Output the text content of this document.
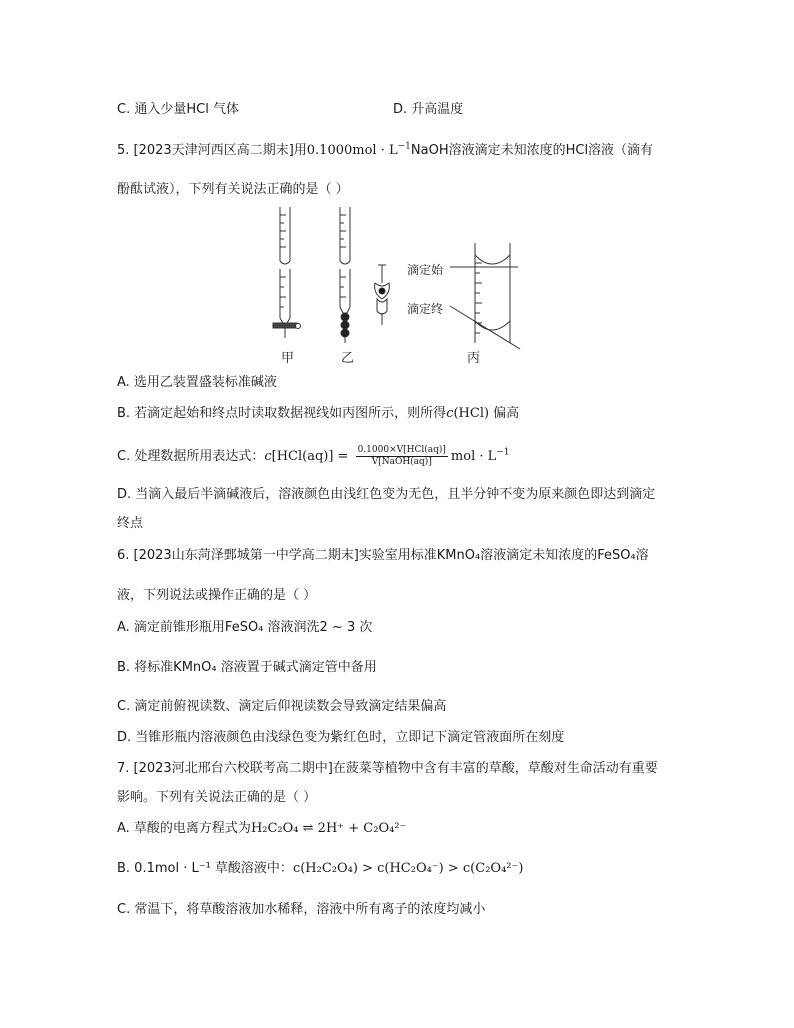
C. 通入少量HCl 气体	D. 升高温度
5. [2023天津河西区高二期末]用$0.1000mol \cdot L^{-1}NaOH$溶液滴定未知浓度的HCl溶液（滴有
酚酞试液），下列有关说法正确的是（ ）
甲	乙	丙
滴定始
滴定终
A. 选用乙装置盛装标准碱液
B. 若滴定起始和终点时读取数据视线如丙图所示，则所得c(HCl) 偏高
C. 处理数据所用表达式：$c[HCl(aq)] = \frac{\text{0.1000×V[HCl(aq)]}}{\text{V[NaOH(aq)]}}$ mol · $L^{-1}$
D. 当滴入最后半滴碱液后，溶液颜色由浅红色变为无色，且半分钟不变为原来颜色即达到滴定
终点
6. [2023山东菏泽鄄城第一中学高二期末]实验室用标准KMnO₄溶液滴定未知浓度的FeSO₄溶
液，下列说法或操作正确的是（ ）
A. 滴定前锥形瓶用FeSO₄ 溶液润洗2 ~ 3 次
B. 将标准KMnO₄ 溶液置于碱式滴定管中备用
C. 滴定前俯视读数、滴定后仰视读数会导致滴定结果偏高
D. 当锥形瓶内溶液颜色由浅绿色变为紫红色时，立即记下滴定管液面所在刻度
7. [2023河北邢台六校联考高二期中]在菠菜等植物中含有丰富的草酸，草酸对生命活动有重要
影响。下列有关说法正确的是（ ）
A. 草酸的电离方程式为H₂C₂O₄ ⇌ 2H⁺ + C₂O₄²⁻
B. 0.1mol · L⁻¹ 草酸溶液中：c(H₂C₂O₄) > c(HC₂O₄⁻) > c(C₂O₄²⁻)
C. 常温下，将草酸溶液加水稀释，溶液中所有离子的浓度均减小
